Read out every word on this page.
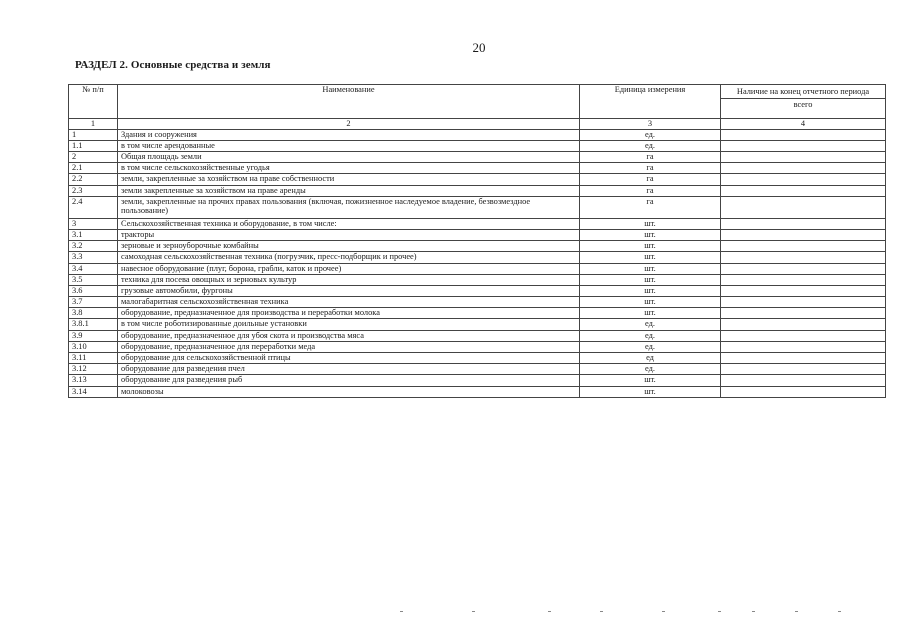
20
РАЗДЕЛ 2. Основные средства и земля
№ п/п	Наименование	Единица измерения	Наличие на конец отчетного периода
всего

1	2	3	4
1	Здания и сооружения	ед.	
1.1	в том числе арендованные	ед.	
2	Общая площадь земли	га	
2.1	в том числе сельскохозяйственные угодья	га	
2.2	земли, закрепленные за хозяйством на праве собственности	га	
2.3	земли закрепленные за хозяйством на праве аренды	га	
2.4	земли, закрепленные на прочих правах пользования (включая, пожизненное наследуемое владение, безвозмездное пользование)	га	
3	Сельскохозяйственная техника и оборудование, в том числе:	шт.	
3.1	тракторы	шт.	
3.2	зерновые и зерноуборочные комбайны	шт.	
3.3	самоходная сельскохозяйственная техника (погрузчик, пресс-подборщик и прочее)	шт.	
3.4	навесное оборудование (плуг, борона, грабли, каток и прочее)	шт.	
3.5	техника для посева овощных и зерновых культур	шт.	
3.6	грузовые автомобили, фургоны	шт.	
3.7	малогабаритная сельскохозяйственная техника	шт.	
3.8	оборудование, предназначенное для производства и переработки молока	шт.	
3.8.1	в том числе роботизированные доильные установки	ед.	
3.9	оборудование, предназначенное для убоя скота и производства мяса	ед.	
3.10	оборудование, предназначенное для переработки меда	ед.	
3.11	оборудование для сельскохозяйственной птицы	ед	
3.12	оборудование для разведения пчел	ед.	
3.13	оборудование для разведения рыб	шт.	
3.14	молоковозы	шт.	
